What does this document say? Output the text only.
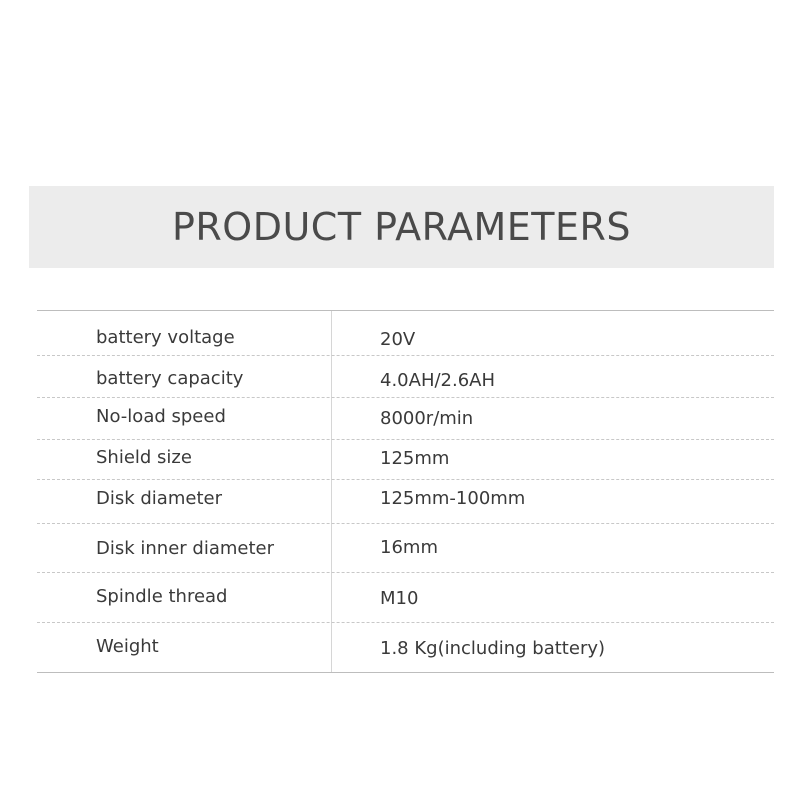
PRODUCT PARAMETERS
battery voltage	20V
battery capacity	4.0AH/2.6AH
No-load speed	8000r/min
Shield size	125mm
Disk diameter	125mm-100mm
Disk inner diameter	16mm
Spindle thread	M10
Weight	1.8 Kg(including battery)
